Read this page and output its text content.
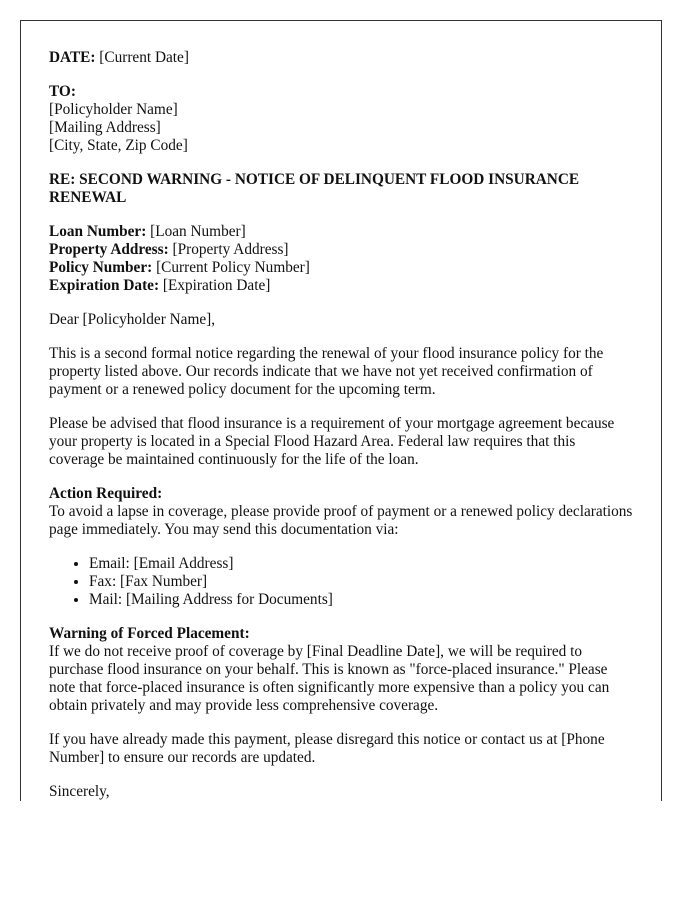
DATE: [Current Date]

TO:
[Policyholder Name]
[Mailing Address]
[City, State, Zip Code]

RE: SECOND WARNING - NOTICE OF DELINQUENT FLOOD INSURANCE RENEWAL

Loan Number: [Loan Number]
Property Address: [Property Address]
Policy Number: [Current Policy Number]
Expiration Date: [Expiration Date]

Dear [Policyholder Name],

This is a second formal notice regarding the renewal of your flood insurance policy for the property listed above. Our records indicate that we have not yet received confirmation of payment or a renewed policy document for the upcoming term.

Please be advised that flood insurance is a requirement of your mortgage agreement because your property is located in a Special Flood Hazard Area. Federal law requires that this coverage be maintained continuously for the life of the loan.

Action Required:
To avoid a lapse in coverage, please provide proof of payment or a renewed policy declarations page immediately. You may send this documentation via:

• Email: [Email Address]
• Fax: [Fax Number]
• Mail: [Mailing Address for Documents]

Warning of Forced Placement:
If we do not receive proof of coverage by [Final Deadline Date], we will be required to purchase flood insurance on your behalf. This is known as "force-placed insurance." Please note that force-placed insurance is often significantly more expensive than a policy you can obtain privately and may provide less comprehensive coverage.

If you have already made this payment, please disregard this notice or contact us at [Phone Number] to ensure our records are updated.

Sincerely,
